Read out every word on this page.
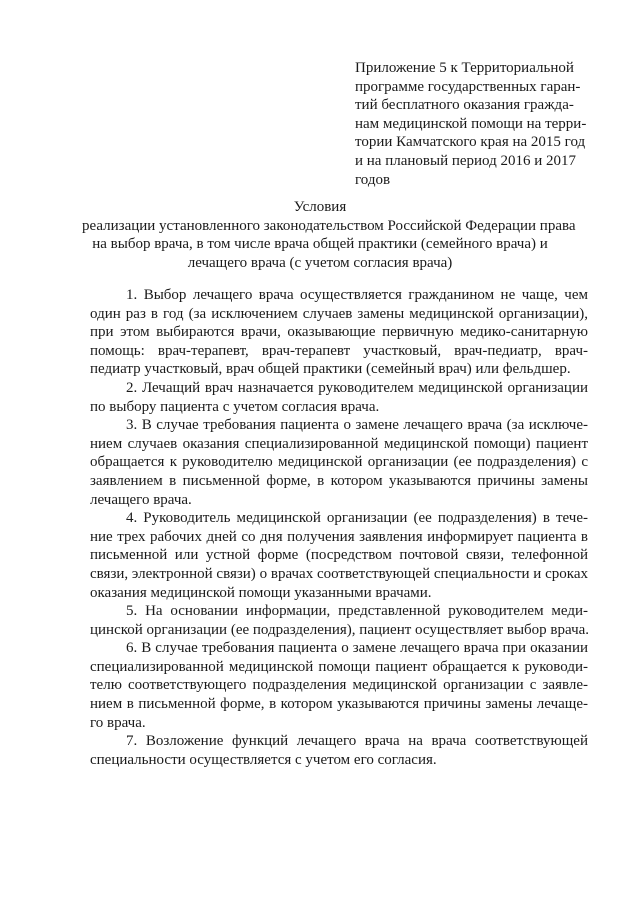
Приложение 5 к Территориальной
программе государственных гаран-
тий бесплатного оказания гражда-
нам медицинской помощи на терри-
тории Камчатского края на 2015 год
и на плановый период 2016 и 2017
годов
Условия
реализации установленного законодательством Российской Федерации права
на выбор врача, в том числе врача общей практики (семейного врача) и
лечащего врача (с учетом согласия врача)
1. Выбор лечащего врача осуществляется гражданином не чаще, чем
один раз в год (за исключением случаев замены медицинской организации),
при этом выбираются врачи, оказывающие первичную медико-санитарную
помощь: врач-терапевт, врач-терапевт участковый, врач-педиатр, врач-
педиатр участковый, врач общей практики (семейный врач) или фельдшер.
2. Лечащий врач назначается руководителем медицинской организации
по выбору пациента с учетом согласия врача.
3. В случае требования пациента о замене лечащего врача (за исключе-
нием случаев оказания специализированной медицинской помощи) пациент
обращается к руководителю медицинской организации (ее подразделения) с
заявлением в письменной форме, в котором указываются причины замены
лечащего врача.
4. Руководитель медицинской организации (ее подразделения) в тече-
ние трех рабочих дней со дня получения заявления информирует пациента в
письменной или устной форме (посредством почтовой связи, телефонной
связи, электронной связи) о врачах соответствующей специальности и сроках
оказания медицинской помощи указанными врачами.
5. На основании информации, представленной руководителем меди-
цинской организации (ее подразделения), пациент осуществляет выбор врача.
6. В случае требования пациента о замене лечащего врача при оказании
специализированной медицинской помощи пациент обращается к руководи-
телю соответствующего подразделения медицинской организации с заявле-
нием в письменной форме, в котором указываются причины замены лечаще-
го врача.
7. Возложение функций лечащего врача на врача соответствующей
специальности осуществляется с учетом его согласия.
